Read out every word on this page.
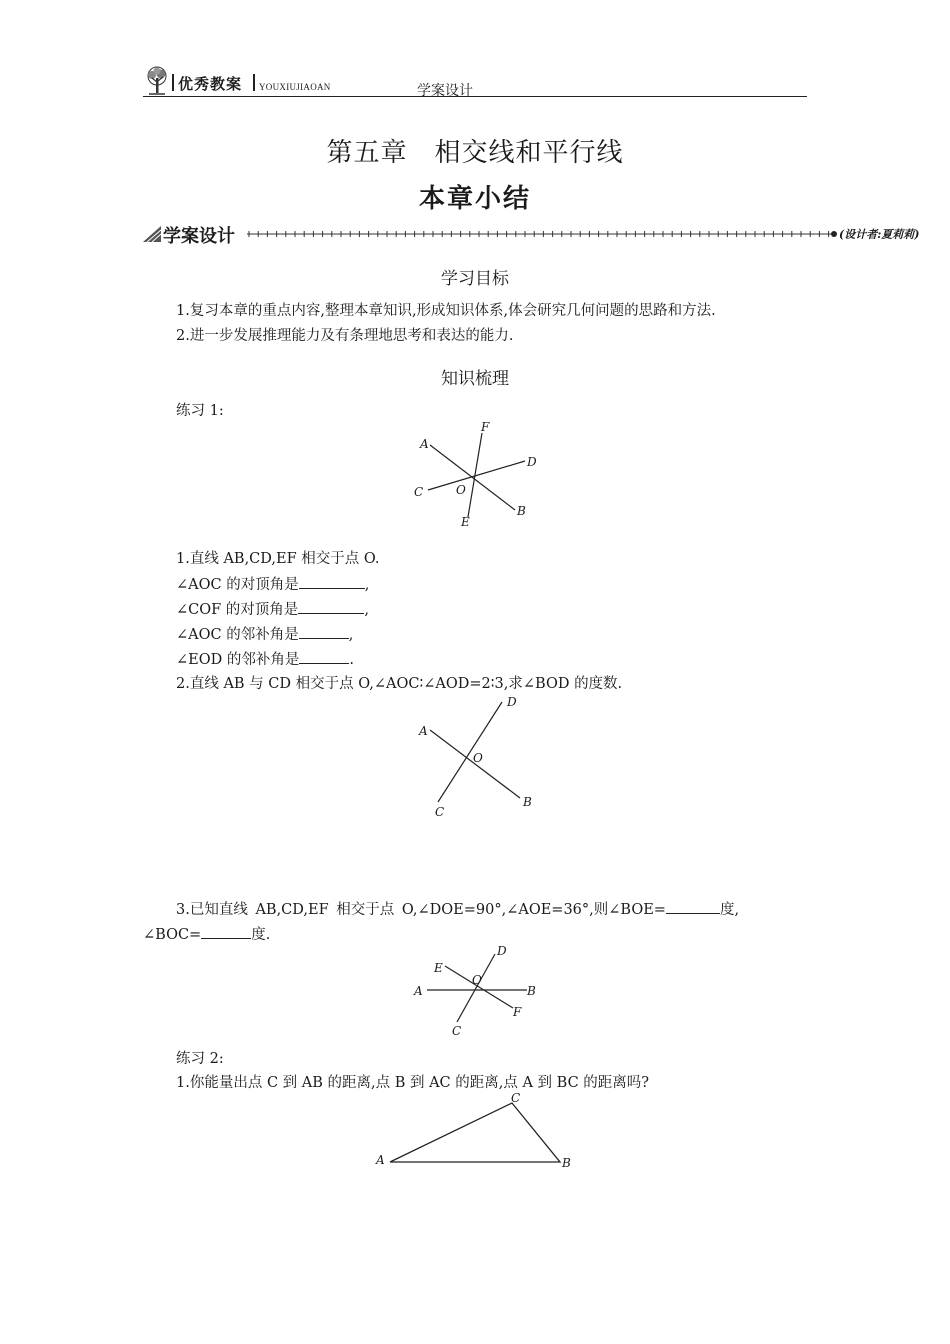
优秀教案 YOUXIUJIAOAN	学案设计
第五章　相交线和平行线
本章小结
学案设计	(设计者:夏莉莉)
学习目标
1.复习本章的重点内容,整理本章知识,形成知识体系,体会研究几何问题的思路和方法.
2.进一步发展推理能力及有条理地思考和表达的能力.
知识梳理
练习 1:
A
F
D
C	O
B
E
1.直线 AB,CD,EF 相交于点 O.
∠AOC 的对顶角是	,
∠COF 的对顶角是	,
∠AOC 的邻补角是	,
∠EOD 的邻补角是	.
2.直线 AB 与 CD 相交于点 O,∠AOC∶∠AOD=2∶3,求∠BOD 的度数.
D
A
O
C
B
3.已知直线 AB,CD,EF 相交于点 O,∠DOE=90°,∠AOE=36°,则∠BOE=	度,
∠BOC=	度.
D
E
O
A	B
F
C
练习 2:
1.你能量出点 C 到 AB 的距离,点 B 到 AC 的距离,点 A 到 BC 的距离吗?
C
A	B
